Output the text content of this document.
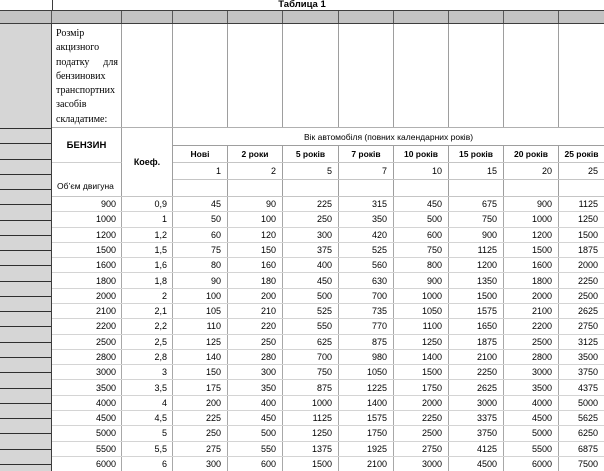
Таблица 1
Розмір акцизного податку для бензинових транспортних засобів складатиме:
БЕНЗИН
Об’єм двигуна
Коеф.
Вік автомобіля (повних календарних років)
Нові	2 роки	5 років	7 років	10 років	15 років	20 років	25 років
1	2	5	7	10	15	20	25
900	0,9	45	90	225	315	450	675	900	1125
1000	1	50	100	250	350	500	750	1000	1250
1200	1,2	60	120	300	420	600	900	1200	1500
1500	1,5	75	150	375	525	750	1125	1500	1875
1600	1,6	80	160	400	560	800	1200	1600	2000
1800	1,8	90	180	450	630	900	1350	1800	2250
2000	2	100	200	500	700	1000	1500	2000	2500
2100	2,1	105	210	525	735	1050	1575	2100	2625
2200	2,2	110	220	550	770	1100	1650	2200	2750
2500	2,5	125	250	625	875	1250	1875	2500	3125
2800	2,8	140	280	700	980	1400	2100	2800	3500
3000	3	150	300	750	1050	1500	2250	3000	3750
3500	3,5	175	350	875	1225	1750	2625	3500	4375
4000	4	200	400	1000	1400	2000	3000	4000	5000
4500	4,5	225	450	1125	1575	2250	3375	4500	5625
5000	5	250	500	1250	1750	2500	3750	5000	6250
5500	5,5	275	550	1375	1925	2750	4125	5500	6875
6000	6	300	600	1500	2100	3000	4500	6000	7500
